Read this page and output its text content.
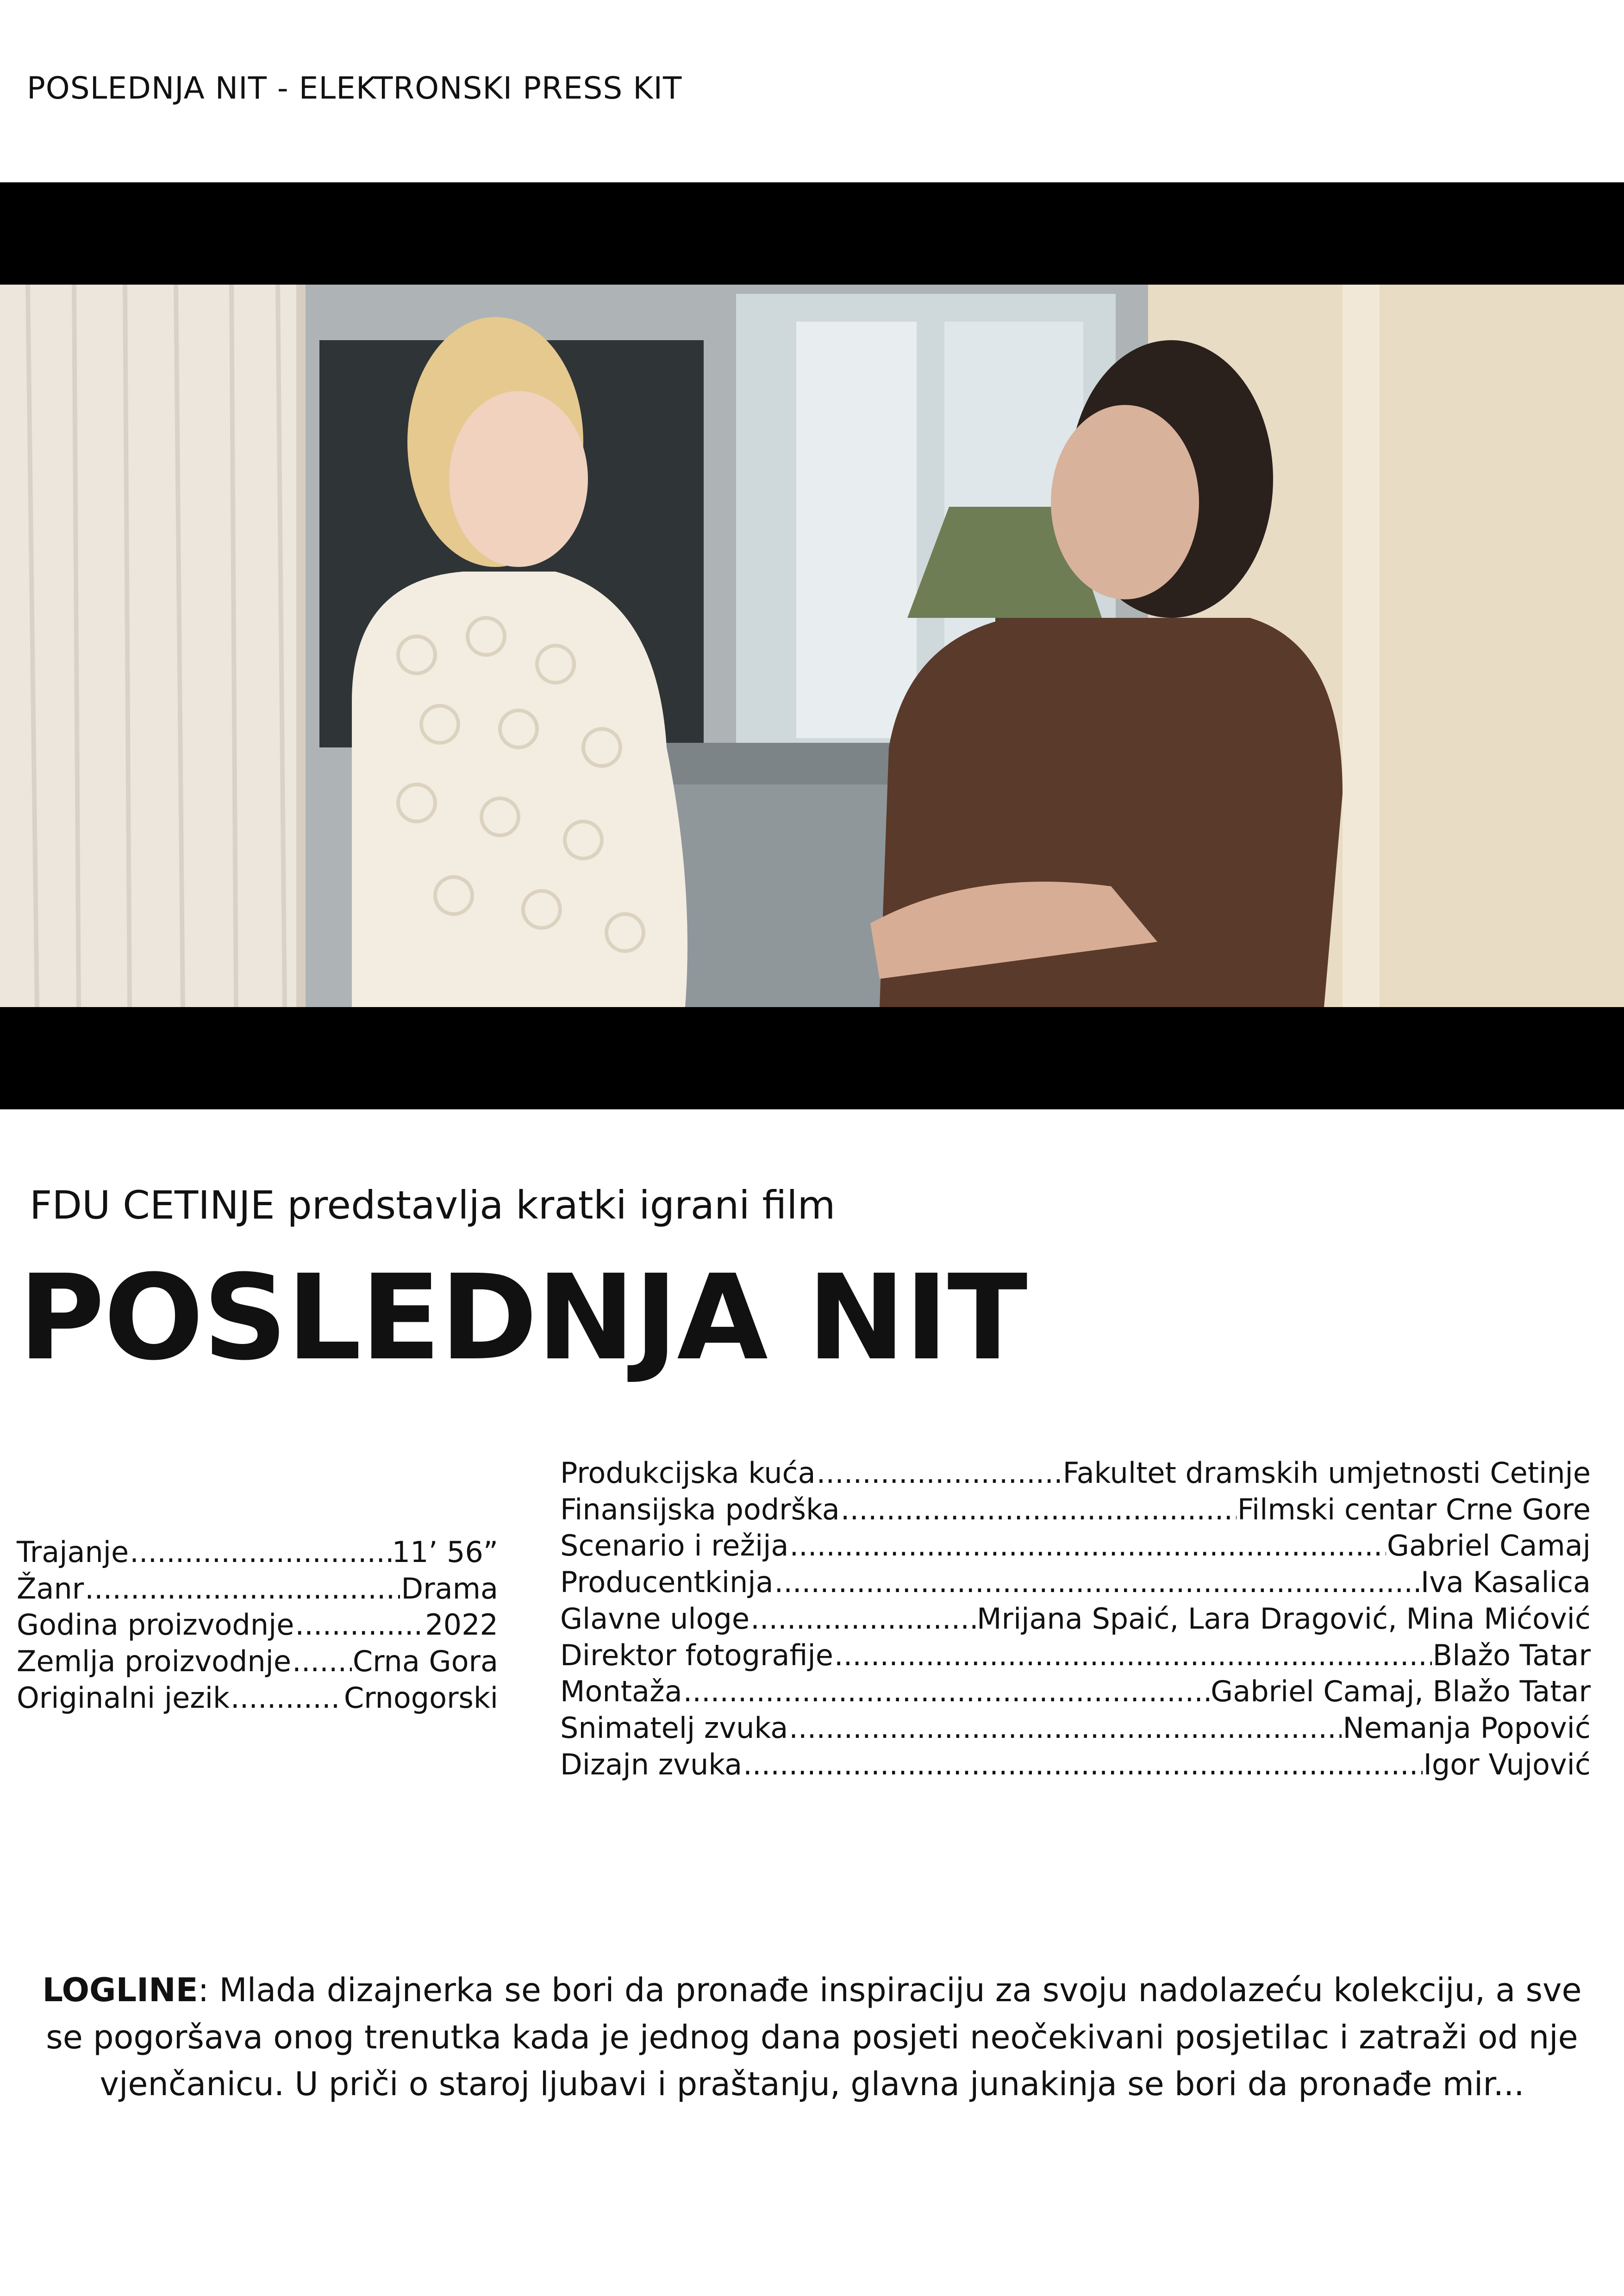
POSLEDNJA NIT - ELEKTRONSKI PRESS KIT
FDU CETINJE predstavlja kratki igrani film
POSLEDNJA NIT
Trajanje .....	11’ 56”
Žanr .....	Drama
Godina proizvodnje .....	2022
Zemlja proizvodnje ..... Crna Gora
Originalni jezik .....	Crnogorski
Produkcijska kuća .....	Fakultet dramskih umjetnosti Cetinje
Finansijska podrška .....	Filmski centar Crne Gore
Scenario i režija .....	Gabriel Camaj
Producentkinja .....	Iva Kasalica
Glavne uloge .....	Mrijana Spaić, Lara Dragović, Mina Mićović
Direktor fotografije .....	Blažo Tatar
Montaža .....	Gabriel Camaj, Blažo Tatar
Snimatelj zvuka .....	Nemanja Popović
Dizajn zvuka .....	Igor Vujović
LOGLINE: Mlada dizajnerka se bori da pronađe inspiraciju za svoju nadolazeću kolekciju, a sve se pogoršava onog trenutka kada je jednog dana posjeti neočekivani posjetilac i zatraži od nje vjenčanicu. U priči o staroj ljubavi i praštanju, glavna junakinja se bori da pronađe mir...
